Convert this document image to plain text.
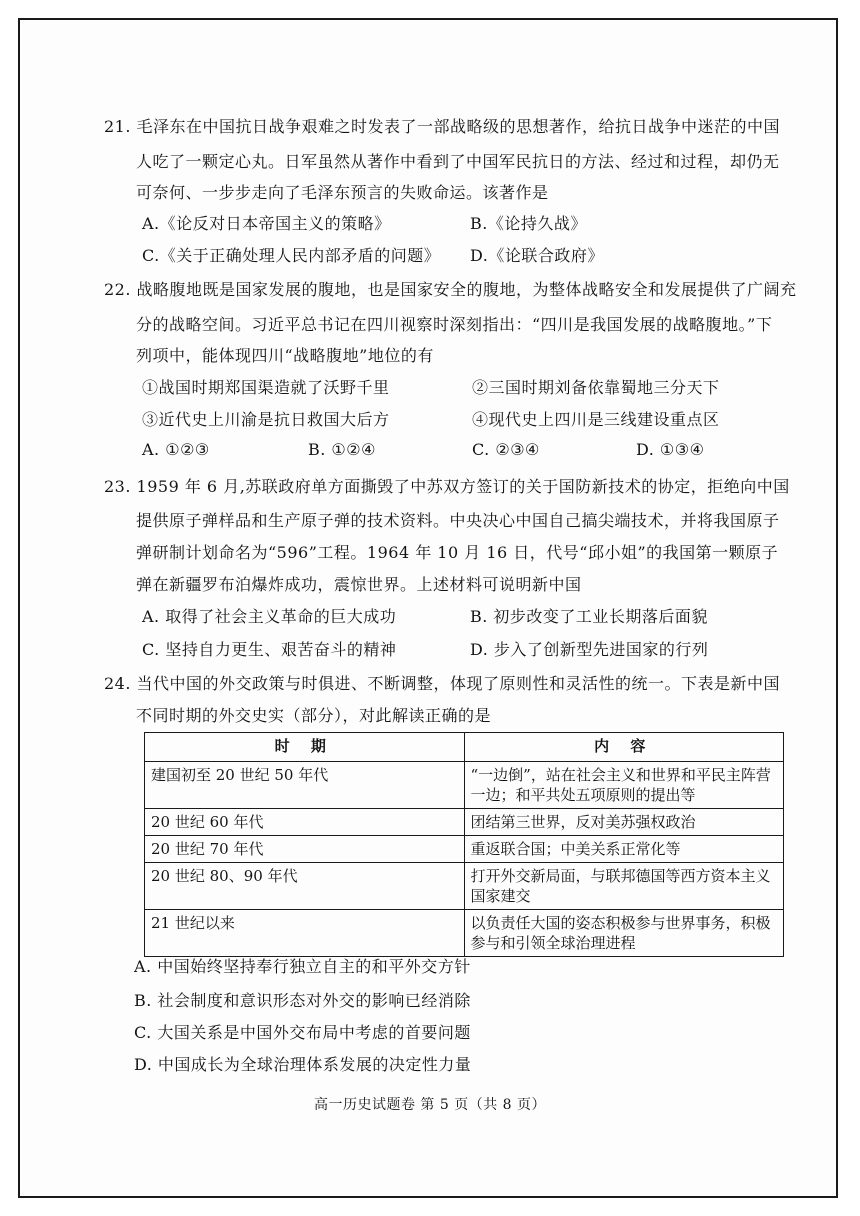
21. 毛泽东在中国抗日战争艰难之时发表了一部战略级的思想著作，给抗日战争中迷茫的中国
人吃了一颗定心丸。日军虽然从著作中看到了中国军民抗日的方法、经过和过程，却仍无
可奈何、一步步走向了毛泽东预言的失败命运。该著作是
A.《论反对日本帝国主义的策略》	B.《论持久战》
C.《关于正确处理人民内部矛盾的问题》 D.《论联合政府》
22. 战略腹地既是国家发展的腹地，也是国家安全的腹地，为整体战略安全和发展提供了广阔充
分的战略空间。习近平总书记在四川视察时深刻指出：“四川是我国发展的战略腹地。”下
列项中，能体现四川“战略腹地”地位的有
①战国时期郑国渠造就了沃野千里	②三国时期刘备依靠蜀地三分天下
③近代史上川渝是抗日救国大后方	④现代史上四川是三线建设重点区
A. ①②③	B. ①②④	C. ②③④	D. ①③④
23. 1959 年 6 月,苏联政府单方面撕毁了中苏双方签订的关于国防新技术的协定，拒绝向中国
提供原子弹样品和生产原子弹的技术资料。中央决心中国自己搞尖端技术，并将我国原子
弹研制计划命名为“596”工程。1964 年 10 月 16 日，代号“邱小姐”的我国第一颗原子
弹在新疆罗布泊爆炸成功，震惊世界。上述材料可说明新中国
A. 取得了社会主义革命的巨大成功	B. 初步改变了工业长期落后面貌
C. 坚持自力更生、艰苦奋斗的精神	D. 步入了创新型先进国家的行列
24. 当代中国的外交政策与时俱进、不断调整，体现了原则性和灵活性的统一。下表是新中国
不同时期的外交史实（部分），对此解读正确的是
时 期	内 容
建国初至 20 世纪 50 年代	“一边倒”，站在社会主义和世界和平民主阵营一边；和平共处五项原则的提出等
20 世纪 60 年代	团结第三世界，反对美苏强权政治
20 世纪 70 年代	重返联合国；中美关系正常化等
20 世纪 80、90 年代	打开外交新局面，与联邦德国等西方资本主义国家建交
21 世纪以来	以负责任大国的姿态积极参与世界事务，积极参与和引领全球治理进程
A. 中国始终坚持奉行独立自主的和平外交方针
B. 社会制度和意识形态对外交的影响已经消除
C. 大国关系是中国外交布局中考虑的首要问题
D. 中国成长为全球治理体系发展的决定性力量
高一历史试题卷 第 5 页（共 8 页）
